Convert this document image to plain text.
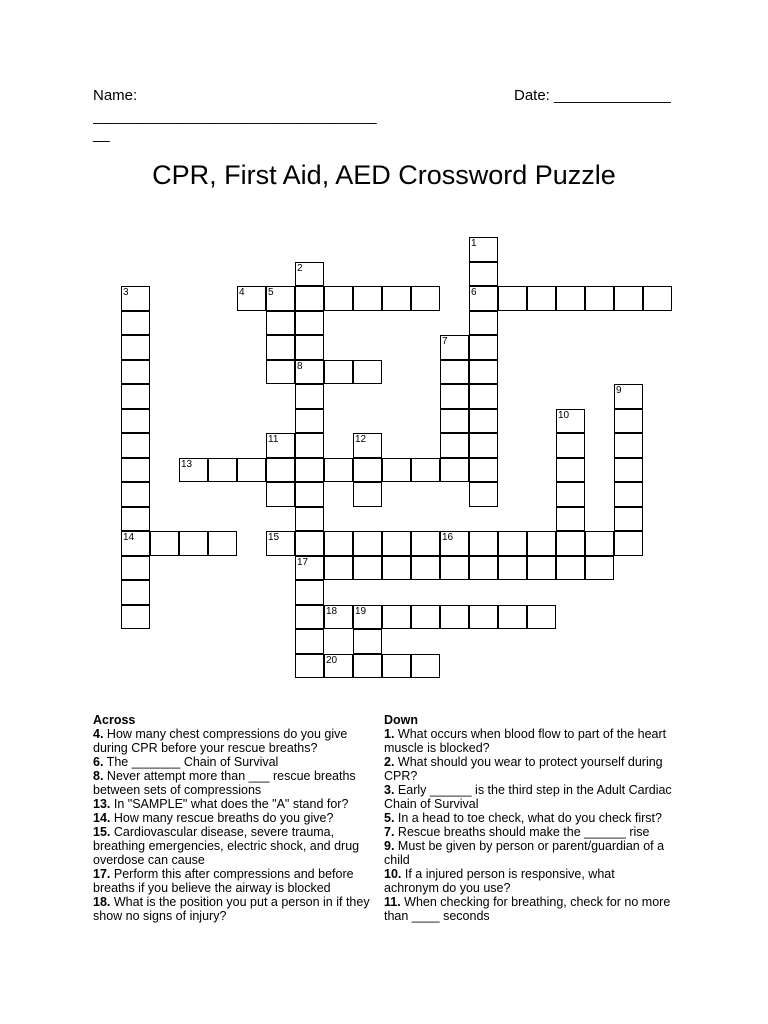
Name:
__________________________________
__
Date: ______________
CPR, First Aid, AED Crossword Puzzle
1
6
2
8
17
3
14
4 5
7
9
10
11	12
13
15	16
18 19
20
Across
4. How many chest compressions do you give during CPR before your rescue breaths?
6. The _______ Chain of Survival
8. Never attempt more than ___ rescue breaths between sets of compressions
13. In "SAMPLE" what does the "A" stand for?
14. How many rescue breaths do you give?
15. Cardiovascular disease, severe trauma, breathing emergencies, electric shock, and drug overdose can cause
17. Perform this after compressions and before breaths if you believe the airway is blocked
18. What is the position you put a person in if they show no signs of injury?
Down
1. What occurs when blood flow to part of the heart muscle is blocked?
2. What should you wear to protect yourself during CPR?
3. Early ______ is the third step in the Adult Cardiac Chain of Survival
5. In a head to toe check, what do you check first?
7. Rescue breaths should make the ______ rise
9. Must be given by person or parent/guardian of a child
10. If a injured person is responsive, what achronym do you use?
11. When checking for breathing, check for no more than ____ seconds
